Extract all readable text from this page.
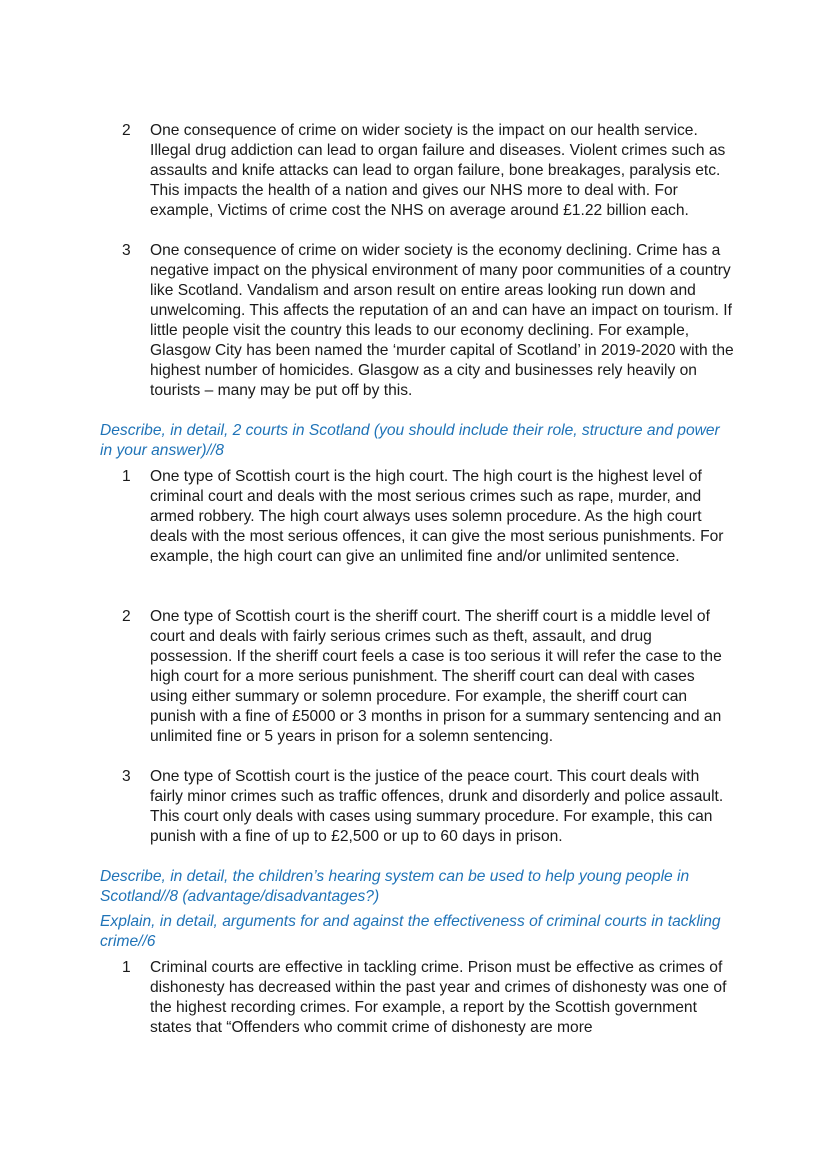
2	One consequence of crime on wider society is the impact on our health service. Illegal drug addiction can lead to organ failure and diseases. Violent crimes such as assaults and knife attacks can lead to organ failure, bone breakages, paralysis etc. This impacts the health of a nation and gives our NHS more to deal with. For example, Victims of crime cost the NHS on average around £1.22 billion each.

3	One consequence of crime on wider society is the economy declining. Crime has a negative impact on the physical environment of many poor communities of a country like Scotland. Vandalism and arson result on entire areas looking run down and unwelcoming. This affects the reputation of an and can have an impact on tourism. If little people visit the country this leads to our economy declining. For example, Glasgow City has been named the ‘murder capital of Scotland’ in 2019-2020 with the highest number of homicides. Glasgow as a city and businesses rely heavily on tourists – many may be put off by this.

Describe, in detail, 2 courts in Scotland (you should include their role, structure and power in your answer)//8

1	One type of Scottish court is the high court. The high court is the highest level of criminal court and deals with the most serious crimes such as rape, murder, and armed robbery. The high court always uses solemn procedure. As the high court deals with the most serious offences, it can give the most serious punishments. For example, the high court can give an unlimited fine and/or unlimited sentence.

2	One type of Scottish court is the sheriff court. The sheriff court is a middle level of court and deals with fairly serious crimes such as theft, assault, and drug possession. If the sheriff court feels a case is too serious it will refer the case to the high court for a more serious punishment. The sheriff court can deal with cases using either summary or solemn procedure. For example, the sheriff court can punish with a fine of £5000 or 3 months in prison for a summary sentencing and an unlimited fine or 5 years in prison for a solemn sentencing.

3	One type of Scottish court is the justice of the peace court. This court deals with fairly minor crimes such as traffic offences, drunk and disorderly and police assault. This court only deals with cases using summary procedure. For example, this can punish with a fine of up to £2,500 or up to 60 days in prison.

Describe, in detail, the children’s hearing system can be used to help young people in Scotland//8 (advantage/disadvantages?)

Explain, in detail, arguments for and against the effectiveness of criminal courts in tackling crime//6

1	Criminal courts are effective in tackling crime. Prison must be effective as crimes of dishonesty has decreased within the past year and crimes of dishonesty was one of the highest recording crimes. For example, a report by the Scottish government states that “Offenders who commit crime of dishonesty are more
